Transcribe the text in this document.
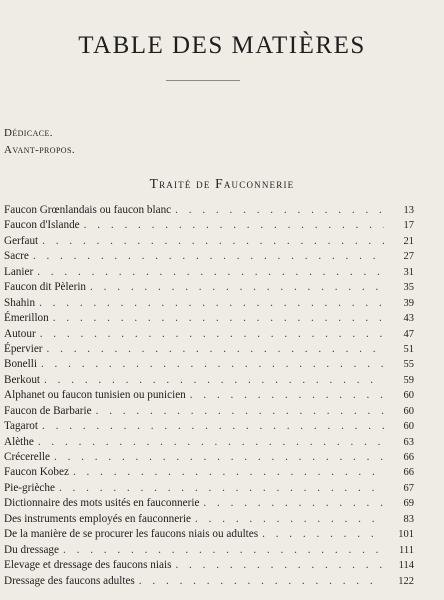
TABLE DES MATIÈRES
Dédicace.
Avant-propos.
Traité de Fauconnerie
Faucon Grœnlandais ou faucon blanc . . .	13
Faucon d'Islande . . .	17
Gerfaut . . .	21
Sacre . . .	27
Lanier . . .	31
Faucon dit Pèlerin . . .	35
Shahin . . .	39
Émerillon . . .	43
Autour . . .	47
Épervier . . .	51
Bonelli . . .	55
Berkout . . .	59
Alphanet ou faucon tunisien ou punicien . . .	60
Faucon de Barbarie . . .	60
Tagarot . . .	60
Alèthe . . .	63
Crécerelle . . .	66
Faucon Kobez . . .	66
Pie-grièche . . .	67
Dictionnaire des mots usités en fauconnerie . . .	69
Des instruments employés en fauconnerie . . .	83
De la manière de se procurer les faucons niais ou adultes . . .	101
Du dressage . . .	111
Elevage et dressage des faucons niais . . .	114
Dressage des faucons adultes . . .	122
